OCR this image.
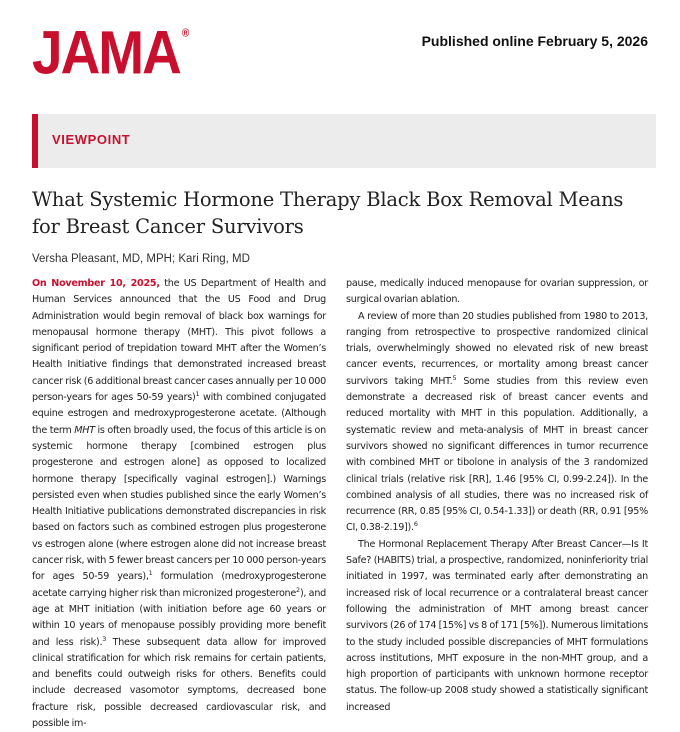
JAMA ®	Published online February 5, 2026
VIEWPOINT
What Systemic Hormone Therapy Black Box Removal Means for Breast Cancer Survivors
Versha Pleasant, MD, MPH; Kari Ring, MD

On November 10, 2025, the US Department of Health and Human Services announced that the US Food and Drug Administration would begin removal of black box warnings for menopausal hormone therapy (MHT). This pivot follows a significant period of trepidation toward MHT after the Women’s Health Initiative findings that demonstrated increased breast cancer risk (6 additional breast cancer cases annually per 10 000 person-years for ages 50-59 years)$^1$ with combined conjugated equine estrogen and medroxyprogesterone acetate. (Although the term MHT is often broadly used, the focus of this article is on systemic hormone therapy [combined estrogen plus progesterone and estrogen alone] as opposed to localized hormone therapy [specifically vaginal estrogen].) Warnings persisted even when studies published since the early Women’s Health Initiative publications demonstrated discrepancies in risk based on factors such as combined estrogen plus progesterone vs estrogen alone (where estrogen alone did not increase breast cancer risk, with 5 fewer breast cancers per 10 000 person-years for ages 50-59 years),$^1$ formulation (medroxyprogesterone acetate carrying higher risk than micronized progesterone$^2$), and age at MHT initiation (with initiation before age 60 years or within 10 years of menopause possibly providing more benefit and less risk).$^3$ These subsequent data allow for improved clinical stratification for which risk remains for certain patients, and benefits could outweigh risks for others. Benefits could include decreased vasomotor symptoms, decreased bone fracture risk, possible decreased cardiovascular risk, and possible im-

pause, medically induced menopause for ovarian suppression, or surgical ovarian ablation.

A review of more than 20 studies published from 1980 to 2013, ranging from retrospective to prospective randomized clinical trials, overwhelmingly showed no elevated risk of new breast cancer events, recurrences, or mortality among breast cancer survivors taking MHT.$^5$ Some studies from this review even demonstrate a decreased risk of breast cancer events and reduced mortality with MHT in this population. Additionally, a systematic review and meta-analysis of MHT in breast cancer survivors showed no significant differences in tumor recurrence with combined MHT or tibolone in analysis of the 3 randomized clinical trials (relative risk [RR], 1.46 [95% CI, 0.99-2.24]). In the combined analysis of all studies, there was no increased risk of recurrence (RR, 0.85 [95% CI, 0.54-1.33]) or death (RR, 0.91 [95% CI, 0.38-2.19]).$^6$

The Hormonal Replacement Therapy After Breast Cancer—Is It Safe? (HABITS) trial, a prospective, randomized, noninferiority trial initiated in 1997, was terminated early after demonstrating an increased risk of local recurrence or a contralateral breast cancer following the administration of MHT among breast cancer survivors (26 of 174 [15%] vs 8 of 171 [5%]). Numerous limitations to the study included possible discrepancies of MHT formulations across institutions, MHT exposure in the non-MHT group, and a high proportion of participants with unknown hormone receptor status. The follow-up 2008 study showed a statistically significant increased
